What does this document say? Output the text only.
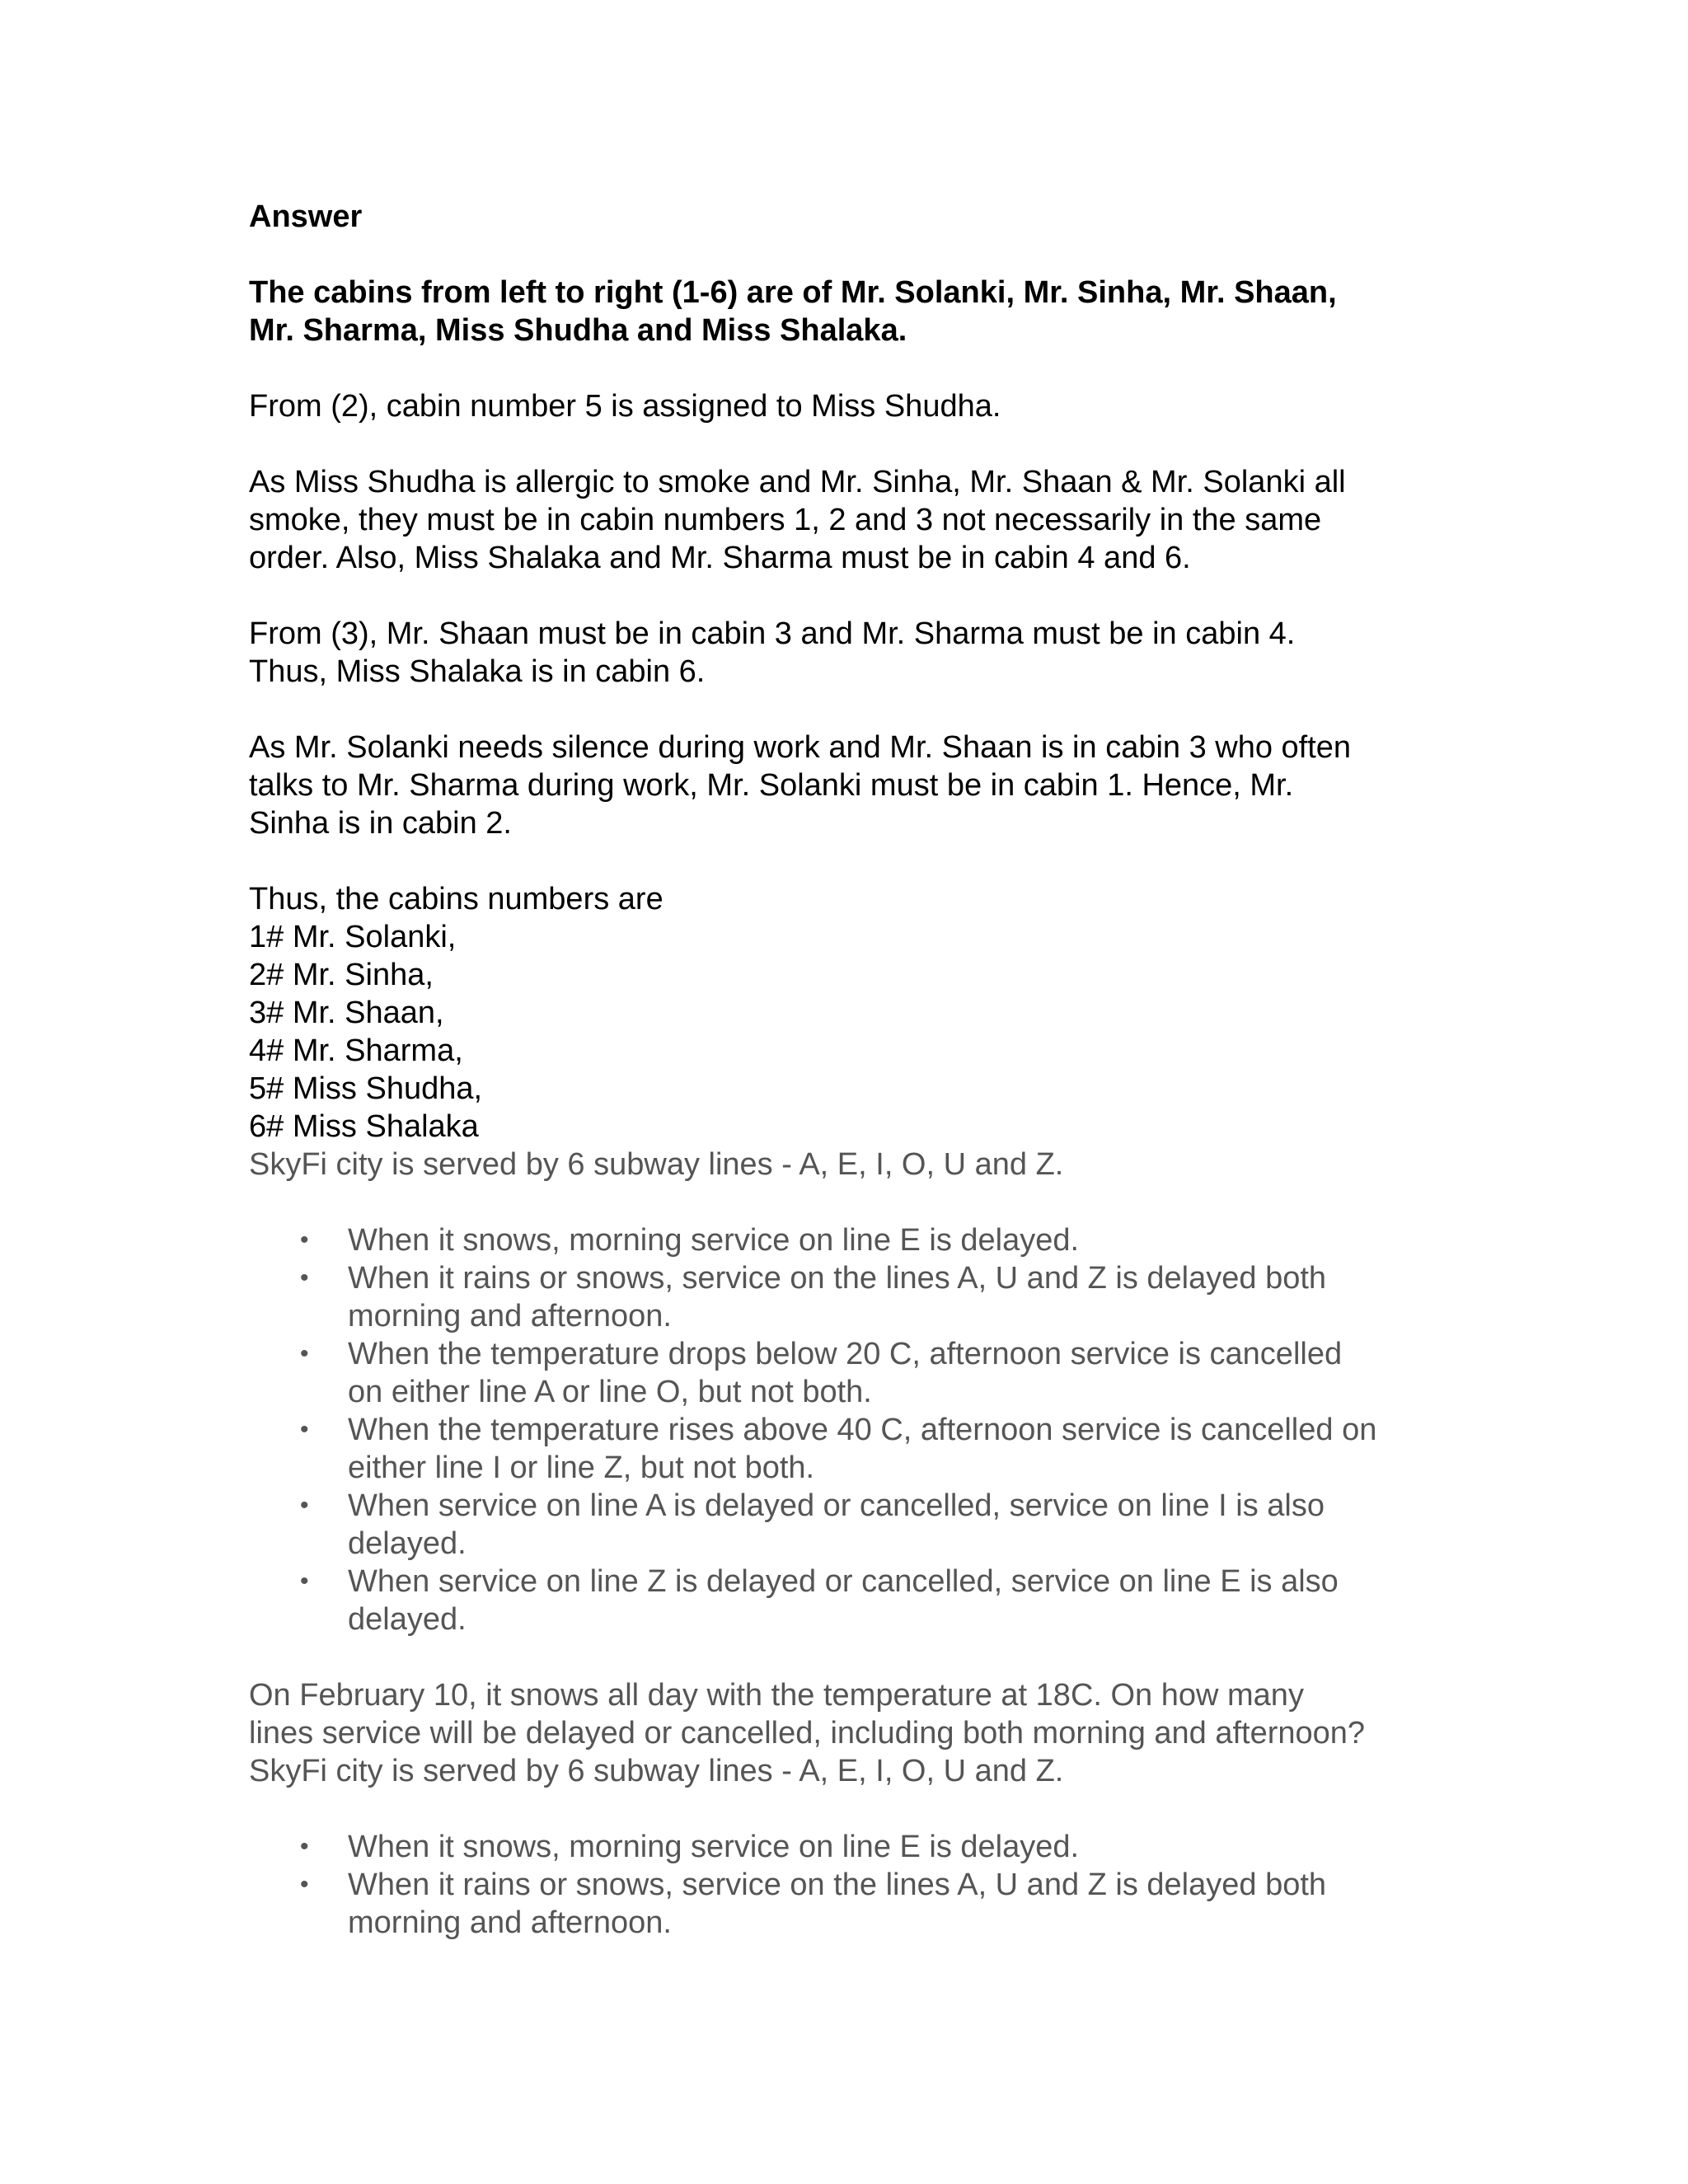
Answer

The cabins from left to right (1-6) are of Mr. Solanki, Mr. Sinha, Mr. Shaan,
Mr. Sharma, Miss Shudha and Miss Shalaka.

From (2), cabin number 5 is assigned to Miss Shudha.

As Miss Shudha is allergic to smoke and Mr. Sinha, Mr. Shaan & Mr. Solanki all
smoke, they must be in cabin numbers 1, 2 and 3 not necessarily in the same
order. Also, Miss Shalaka and Mr. Sharma must be in cabin 4 and 6.

From (3), Mr. Shaan must be in cabin 3 and Mr. Sharma must be in cabin 4.
Thus, Miss Shalaka is in cabin 6.

As Mr. Solanki needs silence during work and Mr. Shaan is in cabin 3 who often
talks to Mr. Sharma during work, Mr. Solanki must be in cabin 1. Hence, Mr.
Sinha is in cabin 2.

Thus, the cabins numbers are
1# Mr. Solanki,
2# Mr. Sinha,
3# Mr. Shaan,
4# Mr. Sharma,
5# Miss Shudha,
6# Miss Shalaka

SkyFi city is served by 6 subway lines - A, E, I, O, U and Z.

• When it snows, morning service on line E is delayed.
• When it rains or snows, service on the lines A, U and Z is delayed both
morning and afternoon.
• When the temperature drops below 20 C, afternoon service is cancelled
on either line A or line O, but not both.
• When the temperature rises above 40 C, afternoon service is cancelled on
either line I or line Z, but not both.
• When service on line A is delayed or cancelled, service on line I is also
delayed.
• When service on line Z is delayed or cancelled, service on line E is also
delayed.

On February 10, it snows all day with the temperature at 18C. On how many
lines service will be delayed or cancelled, including both morning and afternoon?
SkyFi city is served by 6 subway lines - A, E, I, O, U and Z.

• When it snows, morning service on line E is delayed.
• When it rains or snows, service on the lines A, U and Z is delayed both
morning and afternoon.
